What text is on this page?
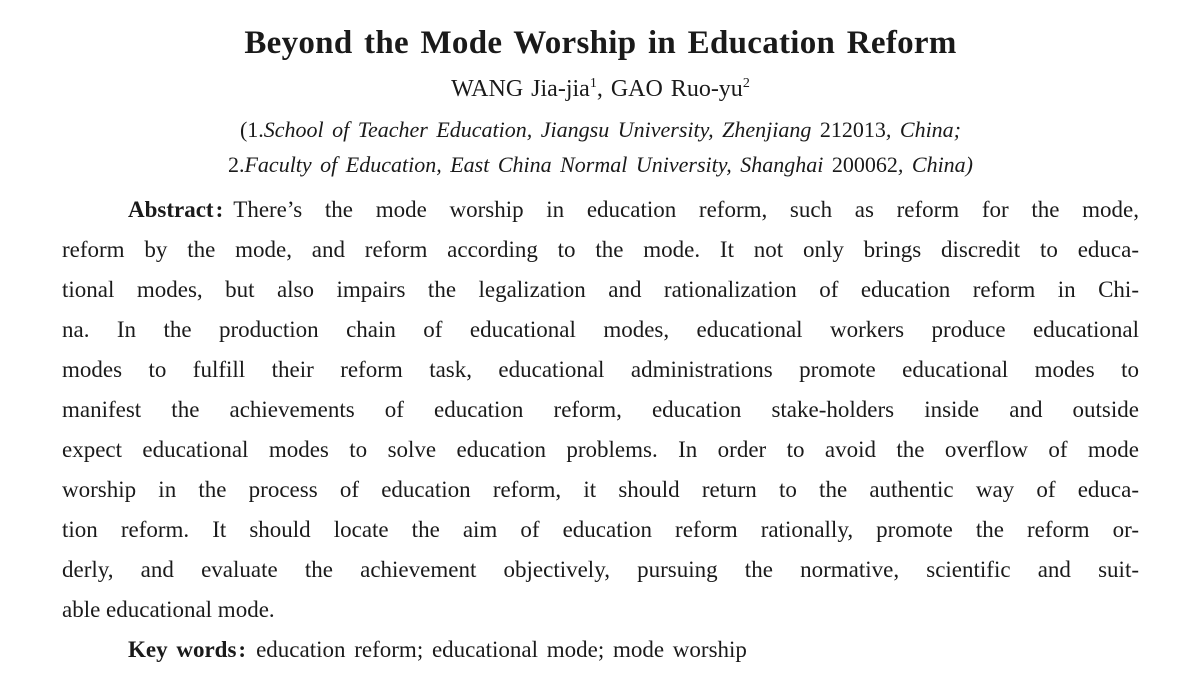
Beyond the Mode Worship in Education Reform
WANG Jia-jia$^1$, GAO Ruo-$yu^2$
(1.School of Teacher Education, Jiangsu University, Zhenjiang 212013, China;
2.Faculty of Education, East China Normal University, Shanghai 200062, China)
Abstract: There’s the mode worship in education reform, such as reform for the mode,
reform by the mode, and reform according to the mode. It not only brings discredit to educa-
tional modes, but also impairs the legalization and rationalization of education reform in Chi-
na. In the production chain of educational modes, educational workers produce educational
modes to fulfill their reform task, educational administrations promote educational modes to
manifest the achievements of education reform, education stake-holders inside and outside
expect educational modes to solve education problems. In order to avoid the overflow of mode
worship in the process of education reform, it should return to the authentic way of educa-
tion reform. It should locate the aim of education reform rationally, promote the reform or-
derly, and evaluate the achievement objectively, pursuing the normative, scientific and suit-
able educational mode.
Key words: education reform; educational mode; mode worship
